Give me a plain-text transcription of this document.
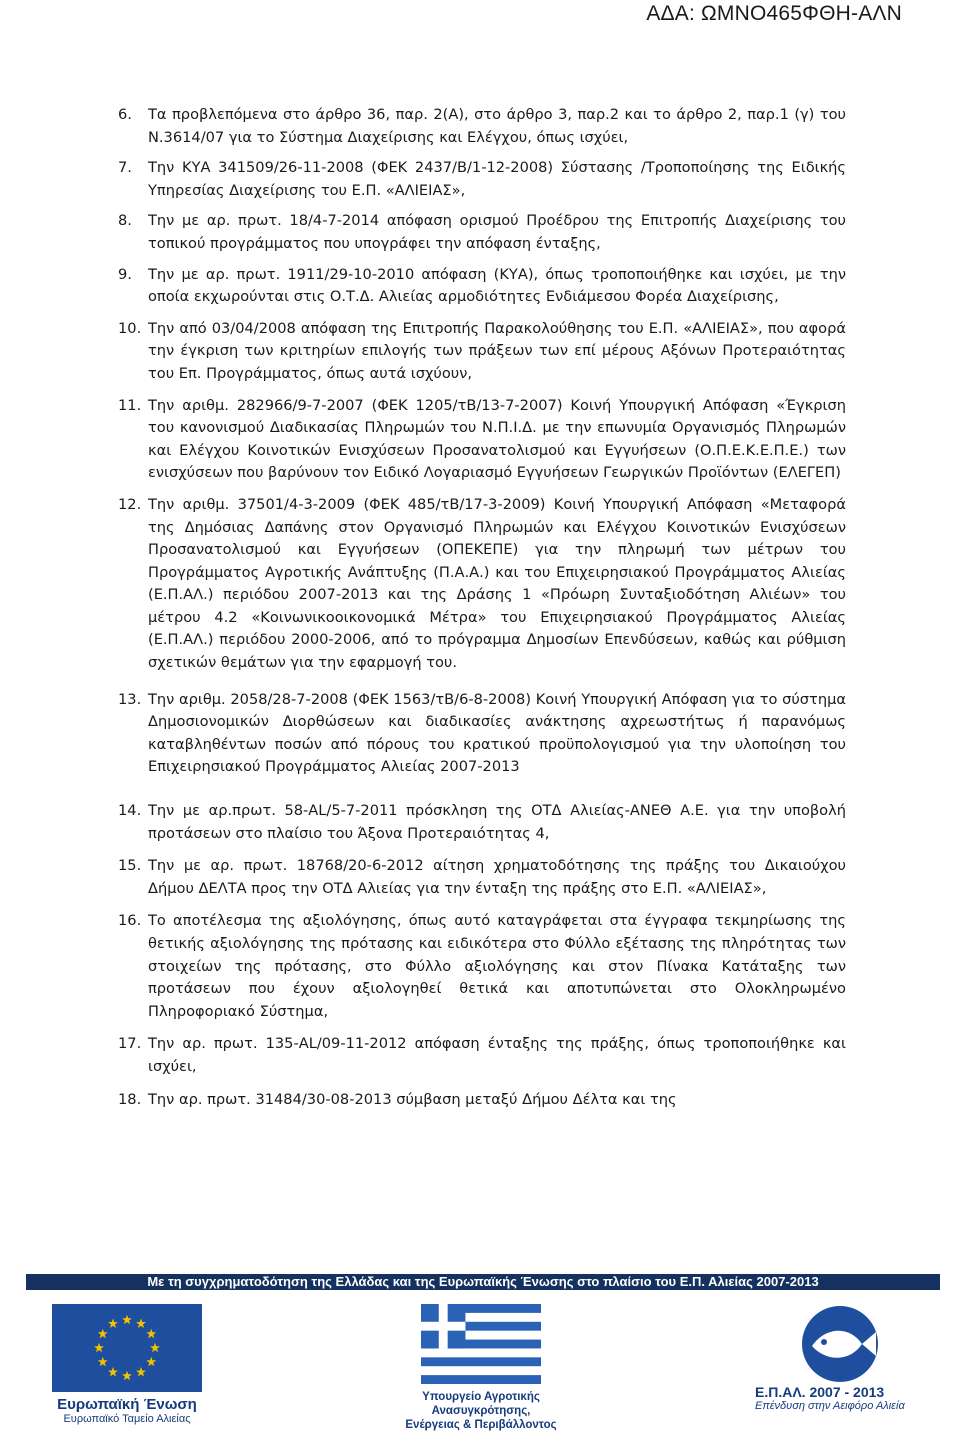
ΑΔΑ: ΩΜΝΟ465ΦΘΗ-ΑΛΝ
6. Τα προβλεπόμενα στο άρθρο 36, παρ. 2(Α), στο άρθρο 3, παρ.2 και το άρθρο 2, παρ.1 (γ) του Ν.3614/07 για το Σύστημα Διαχείρισης και Ελέγχου, όπως ισχύει,
7. Την ΚΥΑ 341509/26-11-2008 (ΦΕΚ 2437/Β/1-12-2008) Σύστασης /Τροποποίησης της Ειδικής Υπηρεσίας Διαχείρισης του Ε.Π. «ΑΛΙΕΙΑΣ»,
8. Την με αρ. πρωτ. 18/4-7-2014 απόφαση ορισμού Προέδρου της Επιτροπής Διαχείρισης του τοπικού προγράμματος που υπογράφει την απόφαση ένταξης,
9. Την με αρ. πρωτ. 1911/29-10-2010 απόφαση (ΚΥΑ), όπως τροποποιήθηκε και ισχύει, με την οποία εκχωρούνται στις Ο.Τ.Δ. Αλιείας αρμοδιότητες Ενδιάμεσου Φορέα Διαχείρισης,
10. Την από 03/04/2008 απόφαση της Επιτροπής Παρακολούθησης του Ε.Π. «ΑΛΙΕΙΑΣ», που αφορά την έγκριση των κριτηρίων επιλογής των πράξεων των επί μέρους Αξόνων Προτεραιότητας του Επ. Προγράμματος, όπως αυτά ισχύουν,
11. Την αριθμ. 282966/9-7-2007 (ΦΕΚ 1205/τΒ/13-7-2007) Κοινή Υπουργική Απόφαση «Έγκριση του κανονισμού Διαδικασίας Πληρωμών του Ν.Π.Ι.Δ. με την επωνυμία Οργανισμός Πληρωμών και Ελέγχου Κοινοτικών Ενισχύσεων Προσανατολισμού και Εγγυήσεων (Ο.Π.Ε.Κ.Ε.Π.Ε.) των ενισχύσεων που βαρύνουν τον Ειδικό Λογαριασμό Εγγυήσεων Γεωργικών Προϊόντων (ΕΛΕΓΕΠ)
12. Την αριθμ. 37501/4-3-2009 (ΦΕΚ 485/τΒ/17-3-2009) Κοινή Υπουργική Απόφαση «Μεταφορά της Δημόσιας Δαπάνης στον Οργανισμό Πληρωμών και Ελέγχου Κοινοτικών Ενισχύσεων Προσανατολισμού και Εγγυήσεων (ΟΠΕΚΕΠΕ) για την πληρωμή των μέτρων του Προγράμματος Αγροτικής Ανάπτυξης (Π.Α.Α.) και του Επιχειρησιακού Προγράμματος Αλιείας (Ε.Π.ΑΛ.) περιόδου 2007-2013 και της Δράσης 1 «Πρόωρη Συνταξιοδότηση Αλιέων» του μέτρου 4.2 «Κοινωνικοοικονομικά Μέτρα» του Επιχειρησιακού Προγράμματος Αλιείας (Ε.Π.ΑΛ.) περιόδου 2000-2006, από το πρόγραμμα Δημοσίων Επενδύσεων, καθώς και ρύθμιση σχετικών θεμάτων για την εφαρμογή του.
13. Την αριθμ. 2058/28-7-2008 (ΦΕΚ 1563/τΒ/6-8-2008) Κοινή Υπουργική Απόφαση για το σύστημα Δημοσιονομικών Διορθώσεων και διαδικασίες ανάκτησης αχρεωστήτως ή παρανόμως καταβληθέντων ποσών από πόρους του κρατικού προϋπολογισμού για την υλοποίηση του Επιχειρησιακού Προγράμματος Αλιείας 2007-2013
14. Την με αρ.πρωτ. 58-AL/5-7-2011 πρόσκληση της ΟΤΔ Αλιείας-ΑΝΕΘ Α.Ε. για την υποβολή προτάσεων στο πλαίσιο του Άξονα Προτεραιότητας 4,
15. Την με αρ. πρωτ. 18768/20-6-2012 αίτηση χρηματοδότησης της πράξης του Δικαιούχου Δήμου ΔΕΛΤΑ προς την ΟΤΔ Αλιείας για την ένταξη της πράξης στο Ε.Π. «ΑΛΙΕΙΑΣ»,
16. Το αποτέλεσμα της αξιολόγησης, όπως αυτό καταγράφεται στα έγγραφα τεκμηρίωσης της θετικής αξιολόγησης της πρότασης και ειδικότερα στο Φύλλο εξέτασης της πληρότητας των στοιχείων της πρότασης, στο Φύλλο αξιολόγησης και στον Πίνακα Κατάταξης των προτάσεων που έχουν αξιολογηθεί θετικά και αποτυπώνεται στο Ολοκληρωμένο Πληροφοριακό Σύστημα,
17. Την αρ. πρωτ. 135-AL/09-11-2012 απόφαση ένταξης της πράξης, όπως τροποποιήθηκε και ισχύει,
18. Την αρ. πρωτ. 31484/30-08-2013 σύμβαση μεταξύ Δήμου Δέλτα και της
Με τη συγχρηματοδότηση της Ελλάδας και της Ευρωπαϊκής Ένωσης στο πλαίσιο του Ε.Π. Αλιείας 2007-2013
Ευρωπαϊκή Ένωση
Ευρωπαϊκό Ταμείο Αλιείας
Υπουργείο Αγροτικής Ανασυγκρότησης,
Ενέργειας & Περιβάλλοντος
Ε.Π.ΑΛ. 2007 - 2013
Επένδυση στην Αειφόρο Αλιεία
